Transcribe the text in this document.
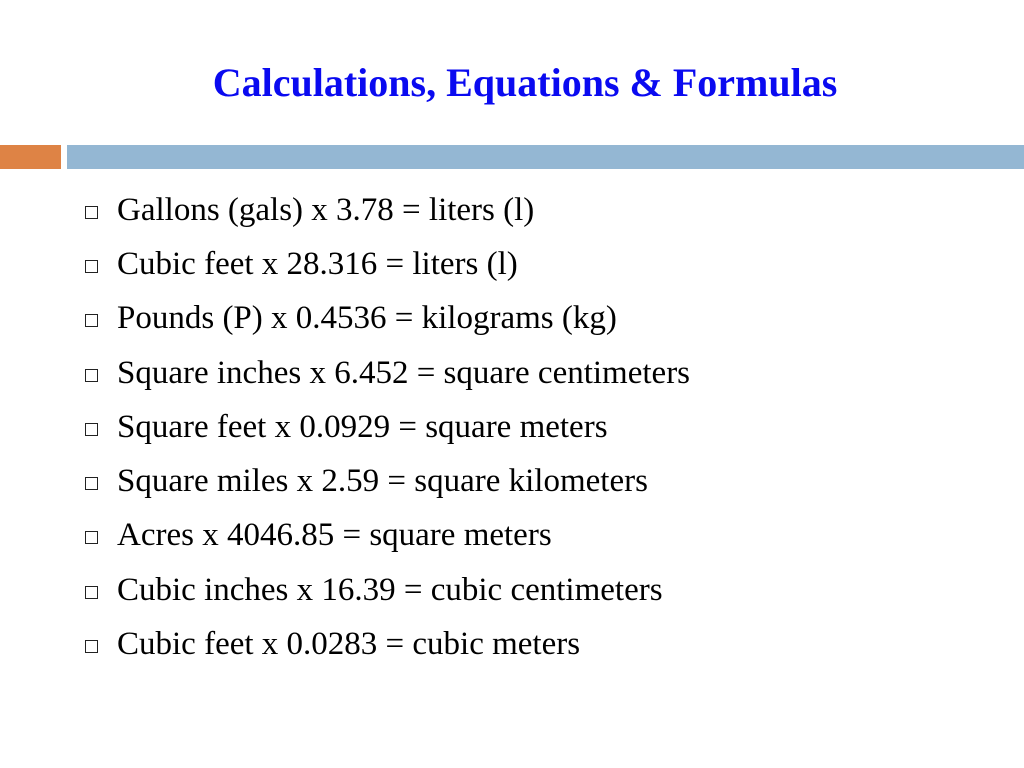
Calculations, Equations & Formulas
Gallons (gals) x 3.78 = liters (l)
Cubic feet x 28.316 = liters (l)
Pounds (P) x 0.4536 = kilograms (kg)
Square inches x 6.452 = square centimeters
Square feet x 0.0929 = square meters
Square miles x 2.59 = square kilometers
Acres x 4046.85 = square meters
Cubic inches x 16.39 = cubic centimeters
Cubic feet x 0.0283 = cubic meters
